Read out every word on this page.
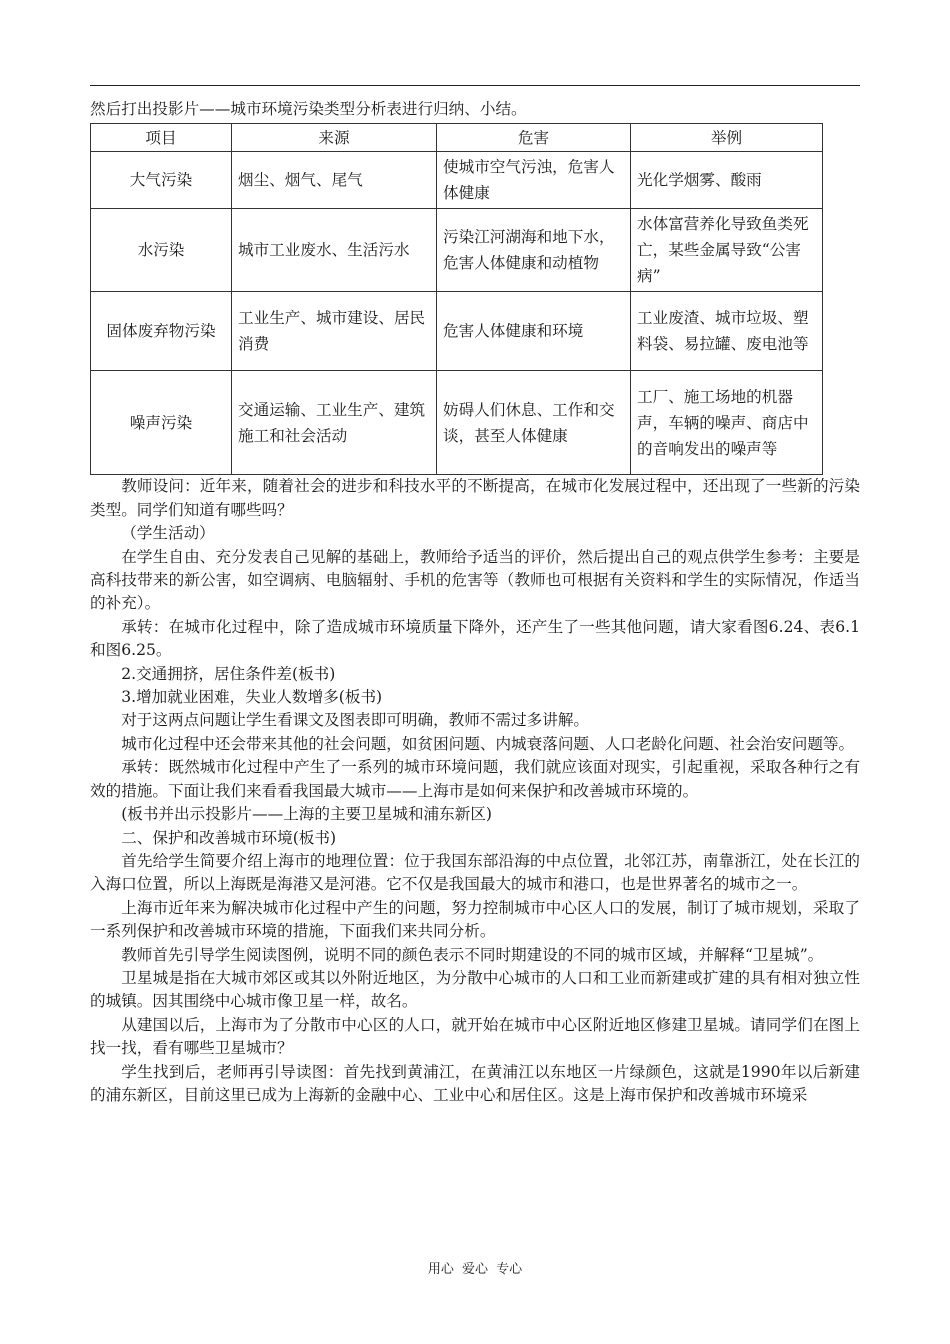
然后打出投影片——城市环境污染类型分析表进行归纳、小结。

项目	来源	危害	举例
大气污染	烟尘、烟气、尾气	使城市空气污浊，危害人体健康	光化学烟雾、酸雨
水污染	城市工业废水、生活污水	污染江河湖海和地下水，危害人体健康和动植物	水体富营养化导致鱼类死亡，某些金属导致“公害病”
固体废弃物污染	工业生产、城市建设、居民消费	危害人体健康和环境	工业废渣、城市垃圾、塑料袋、易拉罐、废电池等
噪声污染	交通运输、工业生产、建筑施工和社会活动	妨碍人们休息、工作和交谈，甚至人体健康	工厂、施工场地的机器声，车辆的噪声、商店中的音响发出的噪声等

教师设问：近年来，随着社会的进步和科技水平的不断提高，在城市化发展过程中，还出现了一些新的污染类型。同学们知道有哪些吗？

（学生活动）

在学生自由、充分发表自己见解的基础上，教师给予适当的评价，然后提出自己的观点供学生参考：主要是高科技带来的新公害，如空调病、电脑辐射、手机的危害等（教师也可根据有关资料和学生的实际情况，作适当的补充）。

承转：在城市化过程中，除了造成城市环境质量下降外，还产生了一些其他问题，请大家看图6.24、表6.1和图6.25。

2.交通拥挤，居住条件差(板书)

3.增加就业困难，失业人数增多(板书)

对于这两点问题让学生看课文及图表即可明确，教师不需过多讲解。

城市化过程中还会带来其他的社会问题，如贫困问题、内城衰落问题、人口老龄化问题、社会治安问题等。

承转：既然城市化过程中产生了一系列的城市环境问题，我们就应该面对现实，引起重视，采取各种行之有效的措施。下面让我们来看看我国最大城市——上海市是如何来保护和改善城市环境的。

(板书并出示投影片——上海的主要卫星城和浦东新区)

二、保护和改善城市环境(板书)

首先给学生简要介绍上海市的地理位置：位于我国东部沿海的中点位置，北邻江苏，南靠浙江，处在长江的入海口位置，所以上海既是海港又是河港。它不仅是我国最大的城市和港口，也是世界著名的城市之一。

上海市近年来为解决城市化过程中产生的问题，努力控制城市中心区人口的发展，制订了城市规划，采取了一系列保护和改善城市环境的措施，下面我们来共同分析。

教师首先引导学生阅读图例，说明不同的颜色表示不同时期建设的不同的城市区域，并解释“卫星城”。

卫星城是指在大城市郊区或其以外附近地区，为分散中心城市的人口和工业而新建或扩建的具有相对独立性的城镇。因其围绕中心城市像卫星一样，故名。

从建国以后，上海市为了分散市中心区的人口，就开始在城市中心区附近地区修建卫星城。请同学们在图上找一找，看有哪些卫星城市？

学生找到后，老师再引导读图：首先找到黄浦江，在黄浦江以东地区一片绿颜色，这就是1990年以后新建的浦东新区，目前这里已成为上海新的金融中心、工业中心和居住区。这是上海市保护和改善城市环境采

用心 爱心 专心
